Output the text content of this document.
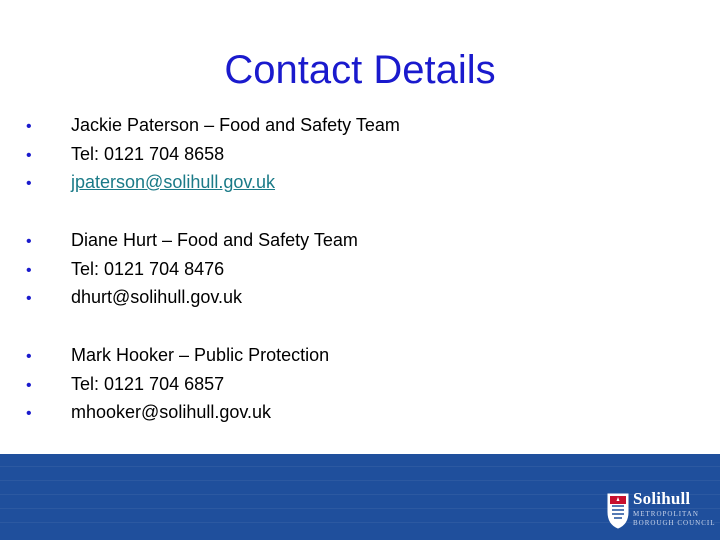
Contact Details
• Jackie Paterson – Food and Safety Team
• Tel: 0121 704 8658
• jpaterson@solihull.gov.uk
• Diane Hurt – Food and Safety Team
• Tel: 0121 704 8476
• dhurt@solihull.gov.uk
• Mark Hooker – Public Protection
• Tel: 0121 704 6857
• mhooker@solihull.gov.uk
Solihull
METROPOLITAN
BOROUGH COUNCIL
